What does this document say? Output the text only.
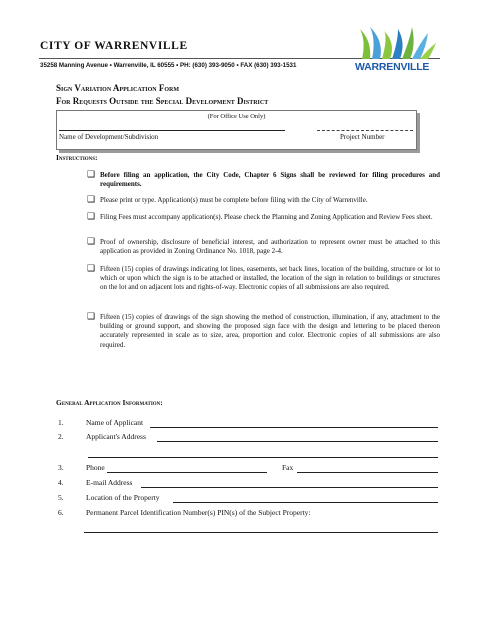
CITY OF WARRENVILLE
35258 Manning Avenue • Warrenville, IL 60555 • PH: (630) 393-9050 • FAX (630) 393-1531	WARRENVILLE
Sign Variation Application Form
For Requests Outside the Special Development District
(For Office Use Only)
Name of Development/Subdivision	Project Number
Instructions:
❑ Before filing an application, the City Code, Chapter 6 Signs shall be reviewed for filing procedures and requirements.
❑ Please print or type. Application(s) must be complete before filing with the City of Warrenville.
❑ Filing Fees must accompany application(s). Please check the Planning and Zoning Application and Review Fees sheet.
❑ Proof of ownership, disclosure of beneficial interest, and authorization to represent owner must be attached to this application as provided in Zoning Ordinance No. 1018, page 2-4.
❑ Fifteen (15) copies of drawings indicating lot lines, easements, set back lines, location of the building, structure or lot to which or upon which the sign is to be attached or installed, the location of the sign in relation to buildings or structures on the lot and on adjacent lots and rights-of-way. Electronic copies of all submissions are also required.
❑ Fifteen (15) copies of drawings of the sign showing the method of construction, illumination, if any, attachment to the building or ground support, and showing the proposed sign face with the design and lettering to be placed thereon accurately represented in scale as to size, area, proportion and color. Electronic copies of all submissions are also required.
General Application Information:
1.	Name of Applicant
2.	Applicant's Address
3.	Phone	Fax
4.	E-mail Address
5.	Location of the Property
6.	Permanent Parcel Identification Number(s) PIN(s) of the Subject Property:
